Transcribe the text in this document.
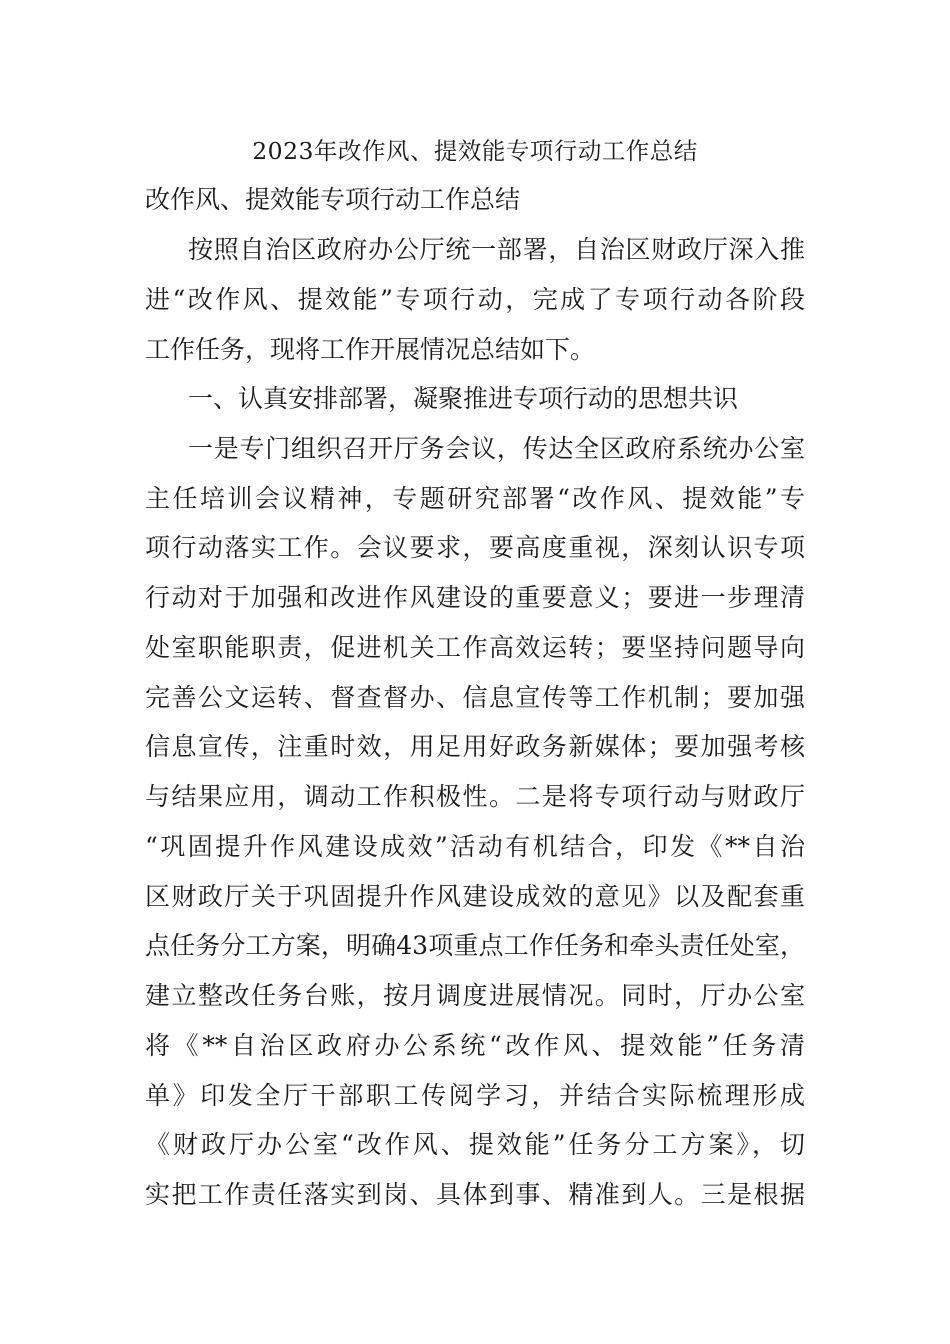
2023年改作风、提效能专项行动工作总结
改作风、提效能专项行动工作总结
按照自治区政府办公厅统一部署，自治区财政厅深入推
进“改作风、提效能”专项行动，完成了专项行动各阶段
工作任务，现将工作开展情况总结如下。
一、认真安排部署，凝聚推进专项行动的思想共识
一是专门组织召开厅务会议，传达全区政府系统办公室
主任培训会议精神，专题研究部署“改作风、提效能”专
项行动落实工作。会议要求，要高度重视，深刻认识专项
行动对于加强和改进作风建设的重要意义；要进一步理清
处室职能职责，促进机关工作高效运转；要坚持问题导向
完善公文运转、督查督办、信息宣传等工作机制；要加强
信息宣传，注重时效，用足用好政务新媒体；要加强考核
与结果应用，调动工作积极性。二是将专项行动与财政厅
“巩固提升作风建设成效”活动有机结合，印发《**自治
区财政厅关于巩固提升作风建设成效的意见》以及配套重
点任务分工方案，明确43项重点工作任务和牵头责任处室，
建立整改任务台账，按月调度进展情况。同时，厅办公室
将《**自治区政府办公系统“改作风、提效能”任务清
单》印发全厅干部职工传阅学习，并结合实际梳理形成
《财政厅办公室“改作风、提效能”任务分工方案》，切
实把工作责任落实到岗、具体到事、精准到人。三是根据
